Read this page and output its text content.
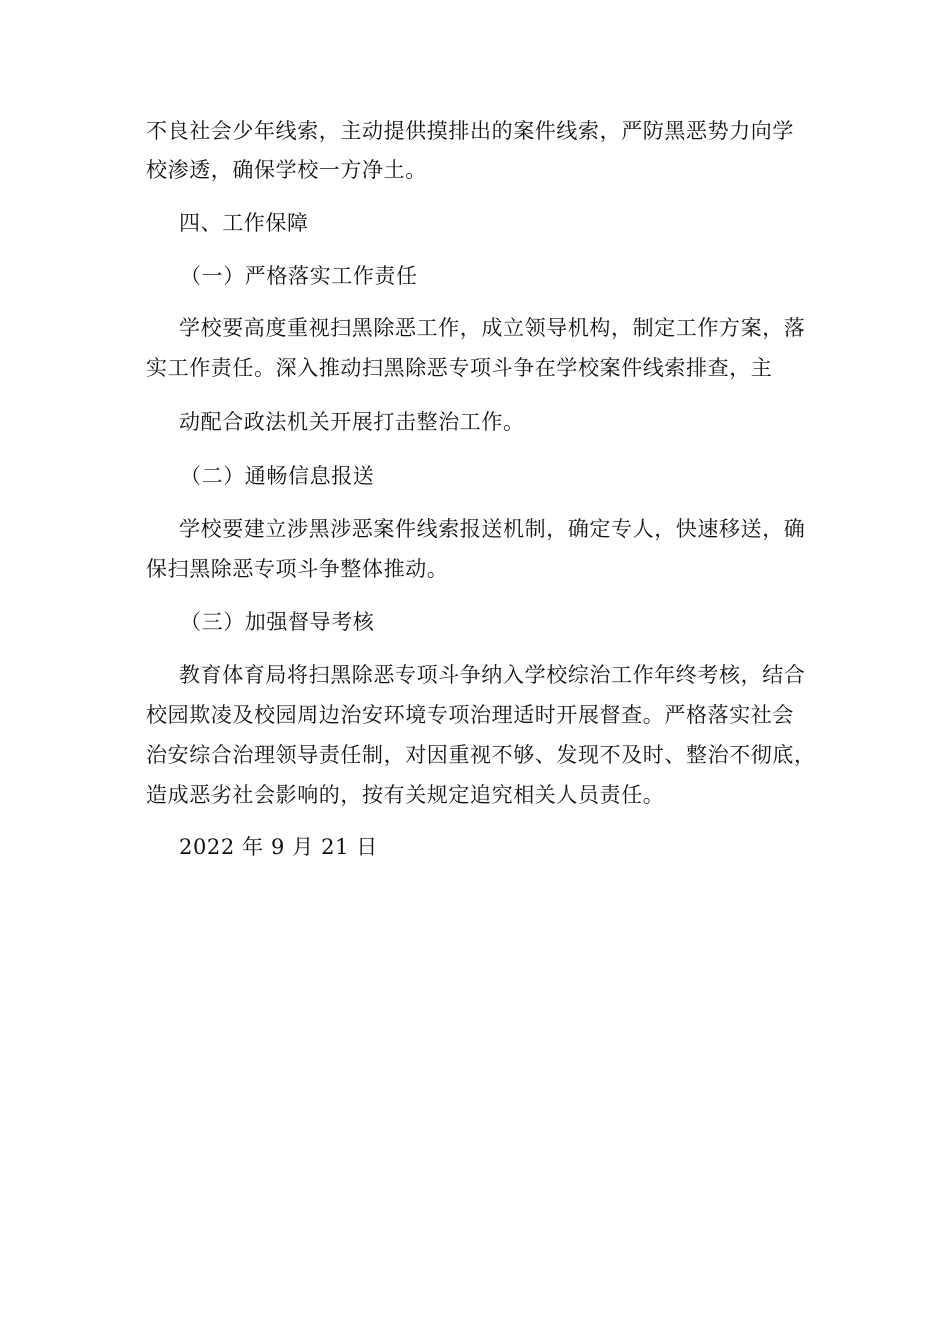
不良社会少年线索，主动提供摸排出的案件线索，严防黑恶势力向学
校渗透，确保学校一方净土。
四、工作保障
（一）严格落实工作责任
学校要高度重视扫黑除恶工作，成立领导机构，制定工作方案，落
实工作责任。深入推动扫黑除恶专项斗争在学校案件线索排查，主
动配合政法机关开展打击整治工作。
（二）通畅信息报送
学校要建立涉黑涉恶案件线索报送机制，确定专人，快速移送，确
保扫黑除恶专项斗争整体推动。
（三）加强督导考核
教育体育局将扫黑除恶专项斗争纳入学校综治工作年终考核，结合
校园欺凌及校园周边治安环境专项治理适时开展督查。严格落实社会
治安综合治理领导责任制，对因重视不够、发现不及时、整治不彻底，
造成恶劣社会影响的，按有关规定追究相关人员责任。
2022 年 9 月 21 日
